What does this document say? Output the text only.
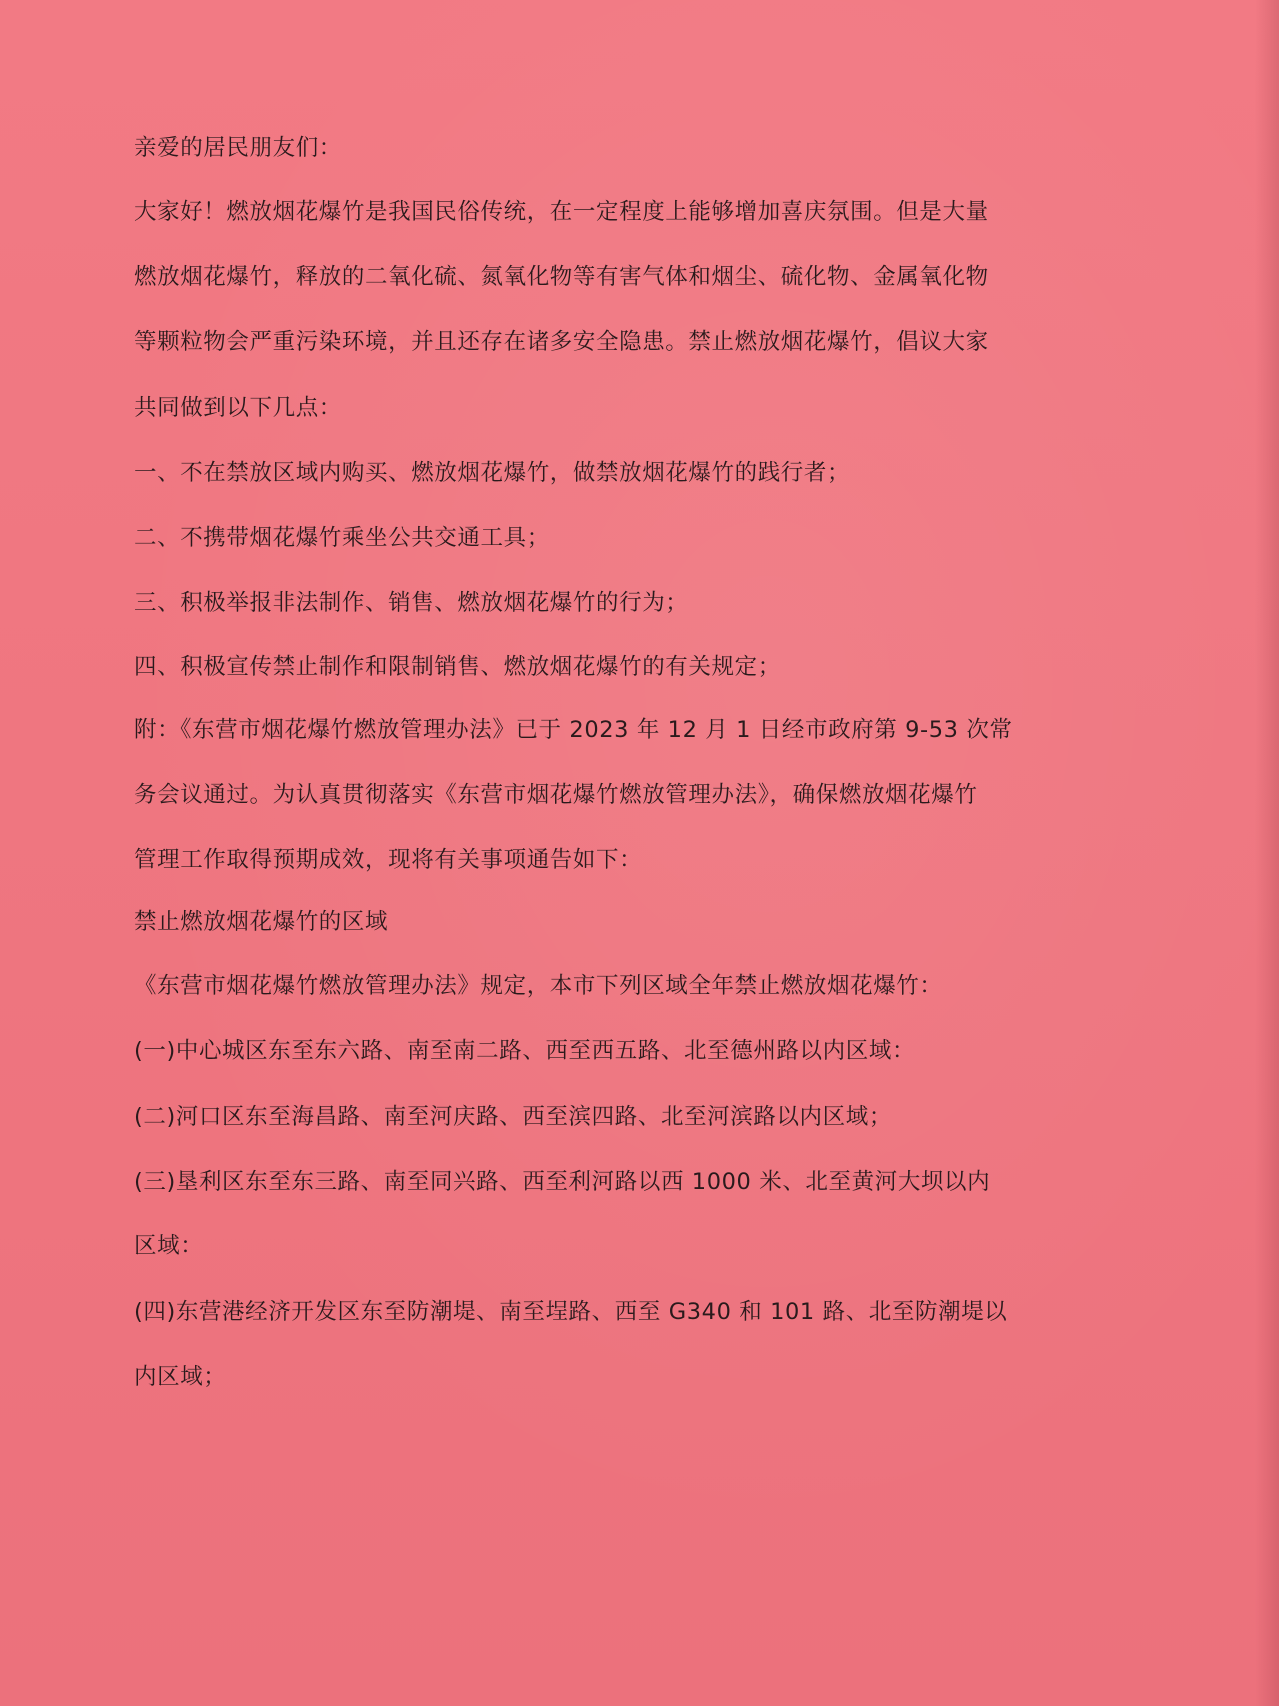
亲爱的居民朋友们：
大家好！燃放烟花爆竹是我国民俗传统，在一定程度上能够增加喜庆氛围。但是大量
燃放烟花爆竹，释放的二氧化硫、氮氧化物等有害气体和烟尘、硫化物、金属氧化物
等颗粒物会严重污染环境，并且还存在诸多安全隐患。禁止燃放烟花爆竹，倡议大家
共同做到以下几点：
一、不在禁放区域内购买、燃放烟花爆竹，做禁放烟花爆竹的践行者；
二、不携带烟花爆竹乘坐公共交通工具；
三、积极举报非法制作、销售、燃放烟花爆竹的行为；
四、积极宣传禁止制作和限制销售、燃放烟花爆竹的有关规定；
附：《东营市烟花爆竹燃放管理办法》已于 2023 年 12 月 1 日经市政府第 9-53 次常
务会议通过。为认真贯彻落实《东营市烟花爆竹燃放管理办法》，确保燃放烟花爆竹
管理工作取得预期成效，现将有关事项通告如下：
禁止燃放烟花爆竹的区域
《东营市烟花爆竹燃放管理办法》规定，本市下列区域全年禁止燃放烟花爆竹：
(一)中心城区东至东六路、南至南二路、西至西五路、北至德州路以内区域：
(二)河口区东至海昌路、南至河庆路、西至滨四路、北至河滨路以内区域；
(三)垦利区东至东三路、南至同兴路、西至利河路以西 1000 米、北至黄河大坝以内
区域：
(四)东营港经济开发区东至防潮堤、南至埕路、西至 G340 和 101 路、北至防潮堤以
内区域；
